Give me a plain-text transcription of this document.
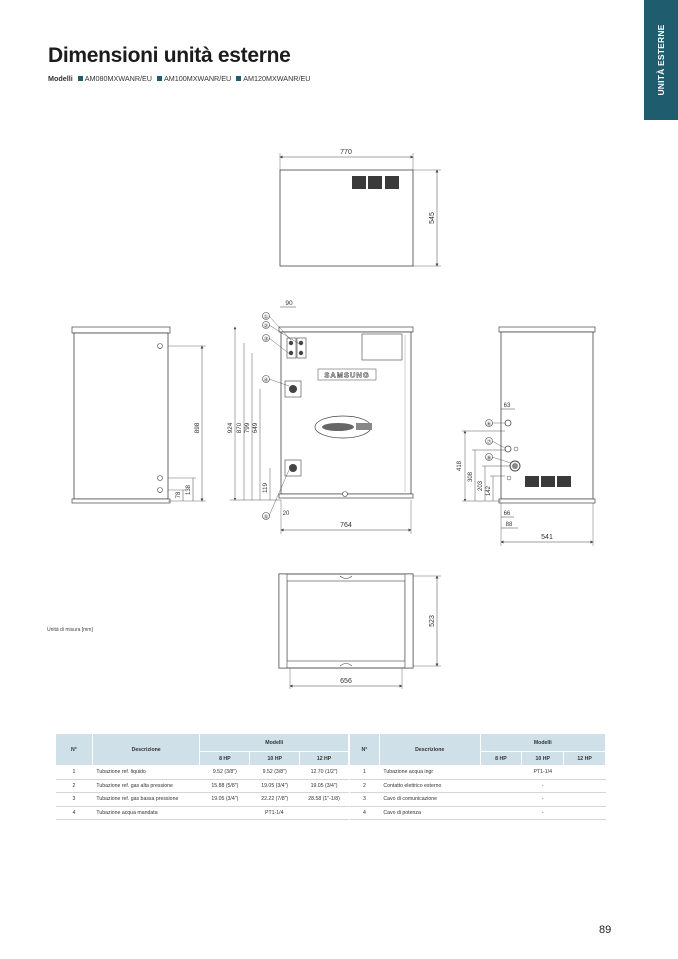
UNITÀ ESTERNE
Dimensioni unità esterne
Modelli AM080MXWANR/EU AM100MXWANR/EU AM120MXWANR/EU
770
545
898
78 138
SAMSUNG
①
②
③
④
⑤
90
924 870 799 649
119
20
764
⑥
⑦
⑧
63
418
308
203 142
66
88
541
523
656
Unità di misura [mm]
N°	Descrizione	Modelli		
		8 HP	10 HP	12 HP
1	Tubazione ref. liquido	9.52 (3/8")	9.52 (3/8")	12.70 (1/2")
2	Tubazione ref. gas alta pressione	15.88 (5/8")	19.05 (3/4")	19.05 (3/4")
3	Tubazione ref. gas bassa pressione	19.05 (3/4")	22.22 (7/8")	28.58 (1"-1/8)
4	Tubazione acqua mandata	PT1-1/4		
N°	Descrizione	Modelli		
		8 HP	10 HP	12 HP
1	Tubazione acqua ingr	PT1-1/4		
2	Contatto elettrico esterno	-		
3	Cavo di comunicazione	-		
4	Cavo di potenza	-		
89
